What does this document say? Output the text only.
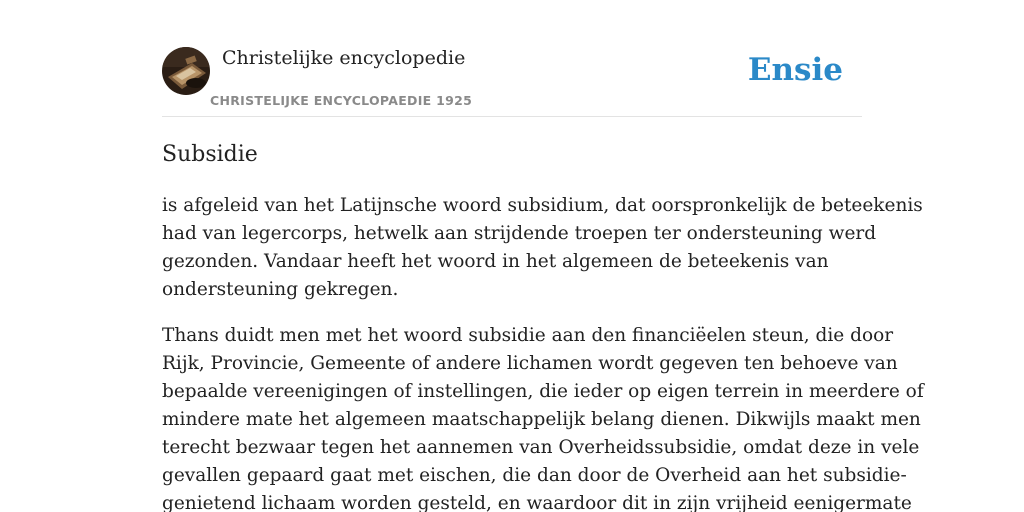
Christelijke encyclopedie
CHRISTELIJKE ENCYCLOPAEDIE 1925
Ensie
Subsidie

is afgeleid van het Latijnsche woord subsidium, dat oorspronkelijk de beteekenis
had van legercorps, hetwelk aan strijdende troepen ter ondersteuning werd
gezonden. Vandaar heeft het woord in het algemeen de beteekenis van
ondersteuning gekregen.

Thans duidt men met het woord subsidie aan den financiëelen steun, die door
Rijk, Provincie, Gemeente of andere lichamen wordt gegeven ten behoeve van
bepaalde vereenigingen of instellingen, die ieder op eigen terrein in meerdere of
mindere mate het algemeen maatschappelijk belang dienen. Dikwijls maakt men
terecht bezwaar tegen het aannemen van Overheidssubsidie, omdat deze in vele
gevallen gepaard gaat met eischen, die dan door de Overheid aan het subsidie-
genietend lichaam worden gesteld, en waardoor dit in zijn vrijheid eenigermate
